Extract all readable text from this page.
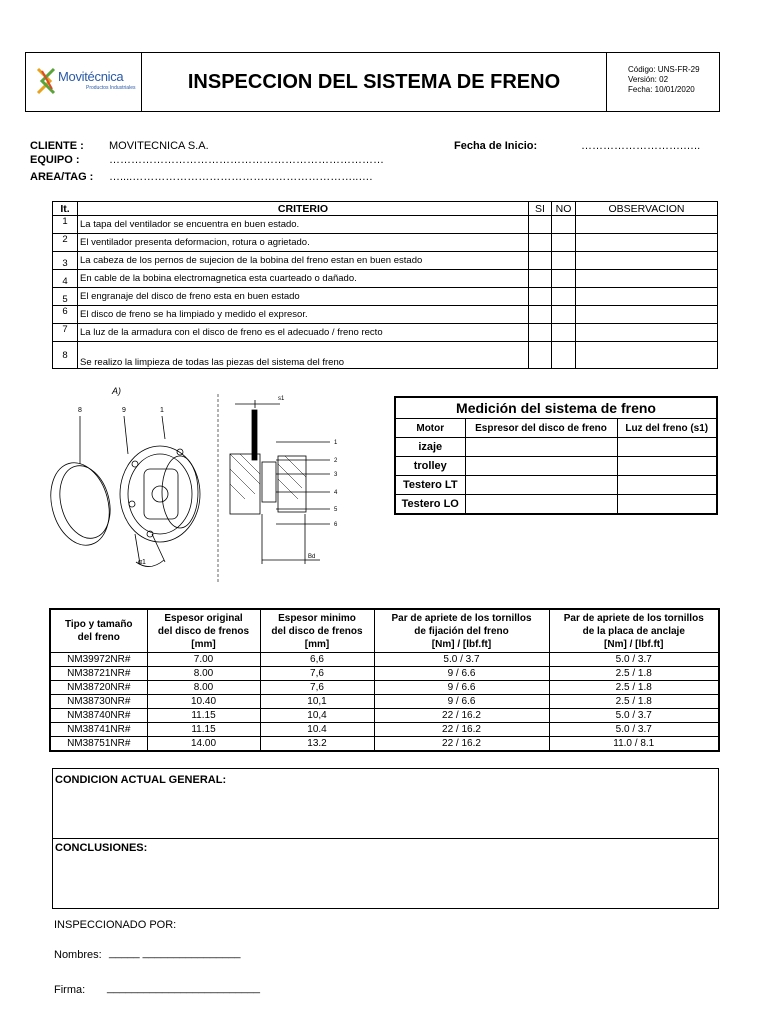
Movitécnica
Productos Industriales	INSPECCION DEL SISTEMA DE FRENO
Código: UNS-FR-29
Versión: 02
Fecha: 10/01/2020
CLIENTE : MOVITECNICA S.A.	Fecha de Inicio:	……………………….…..
EQUIPO :	…………………………………………………………………
AREA/TAG : …....……………………………………………………..….
It.	CRITERIO	SI	NO	OBSERVACION
1	La tapa del ventilador se encuentra en buen estado.			
2	El ventilador presenta deformacion, rotura o agrietado.			
3	La cabeza de los pernos de sujecion de la bobina del freno estan en buen estado			
4	En cable de la bobina electromagnetica esta cuarteado o dañado.			
5	El engranaje del disco de freno esta en buen estado			
6	El disco de freno se ha limpiado y medido el expresor.			
7	La luz de la armadura con el disco de freno es el adecuado / freno recto			
8	Se realizo la limpieza de todas las piezas del sistema del freno			
A)
8	9	1
α1
s1
1
2
3
4
5
6
Bd
Medición del sistema de freno		
Motor	Espresor del disco de freno	Luz del freno (s1)
izaje		
trolley		
Testero LT		
Testero LO		
Tipo y tamaño
del freno	Espesor original
del disco de frenos
[mm]	Espesor minimo
del disco de frenos
[mm]	Par de apriete de los tornillos
de fijación del freno
[Nm] / [lbf.ft]	Par de apriete de los tornillos
de la placa de anclaje
[Nm] / [lbf.ft]
NM39972NR#	7.00	6,6	5.0 / 3.7	5.0 / 3.7
NM38721NR#	8.00	7,6	9 / 6.6	2.5 / 1.8
NM38720NR#	8.00	7,6	9 / 6.6	2.5 / 1.8
NM38730NR#	10.40	10,1	9 / 6.6	2.5 / 1.8
NM38740NR#	11.15	10,4	22 / 16.2	5.0 / 3.7
NM38741NR#	11.15	10.4	22 / 16.2	5.0 / 3.7
NM38751NR#	14.00	13.2	22 / 16.2	11.0 / 8.1
CONDICION ACTUAL GENERAL:
CONCLUSIONES:
INSPECCIONADO POR:
Nombres: _____ ________________
Firma: _________________________
